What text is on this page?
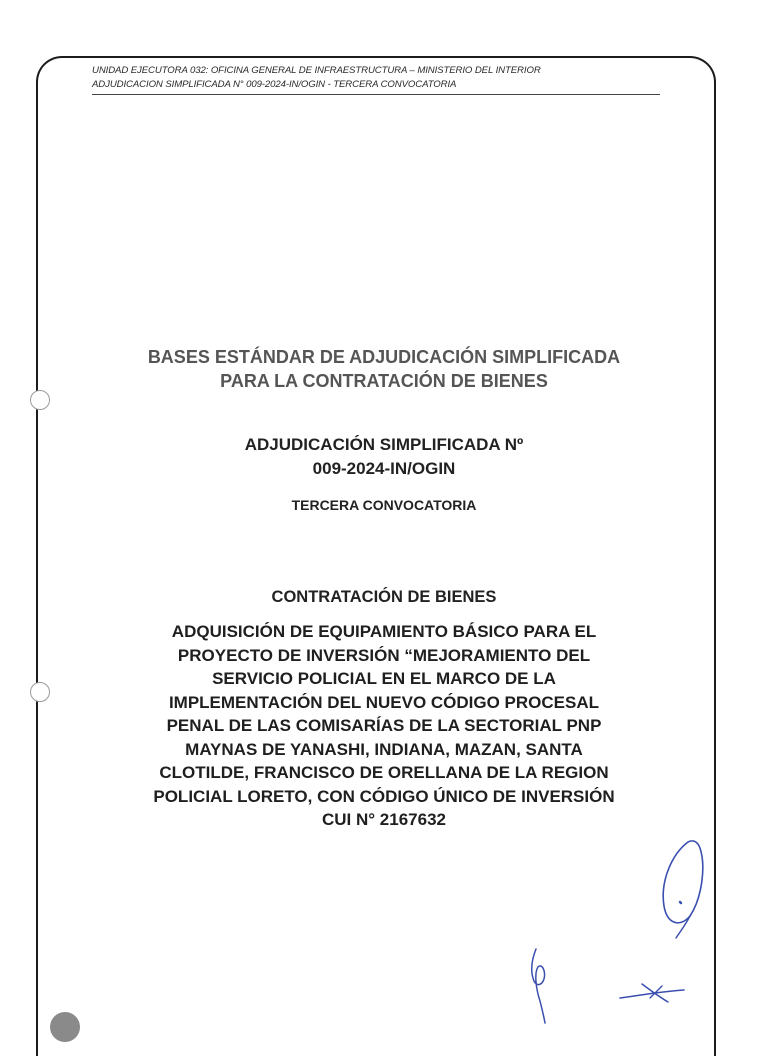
UNIDAD EJECUTORA 032: OFICINA GENERAL DE INFRAESTRUCTURA – MINISTERIO DEL INTERIOR
ADJUDICACION SIMPLIFICADA N° 009-2024-IN/OGIN - TERCERA CONVOCATORIA
BASES ESTÁNDAR DE ADJUDICACIÓN SIMPLIFICADA
PARA LA CONTRATACIÓN DE BIENES
ADJUDICACIÓN SIMPLIFICADA Nº
009-2024-IN/OGIN
TERCERA CONVOCATORIA
CONTRATACIÓN DE BIENES
ADQUISICIÓN DE EQUIPAMIENTO BÁSICO PARA EL
PROYECTO DE INVERSIÓN “MEJORAMIENTO DEL
SERVICIO POLICIAL EN EL MARCO DE LA
IMPLEMENTACIÓN DEL NUEVO CÓDIGO PROCESAL
PENAL DE LAS COMISARÍAS DE LA SECTORIAL PNP
MAYNAS DE YANASHI, INDIANA, MAZAN, SANTA
CLOTILDE, FRANCISCO DE ORELLANA DE LA REGION
POLICIAL LORETO, CON CÓDIGO ÚNICO DE INVERSIÓN
CUI N° 2167632
